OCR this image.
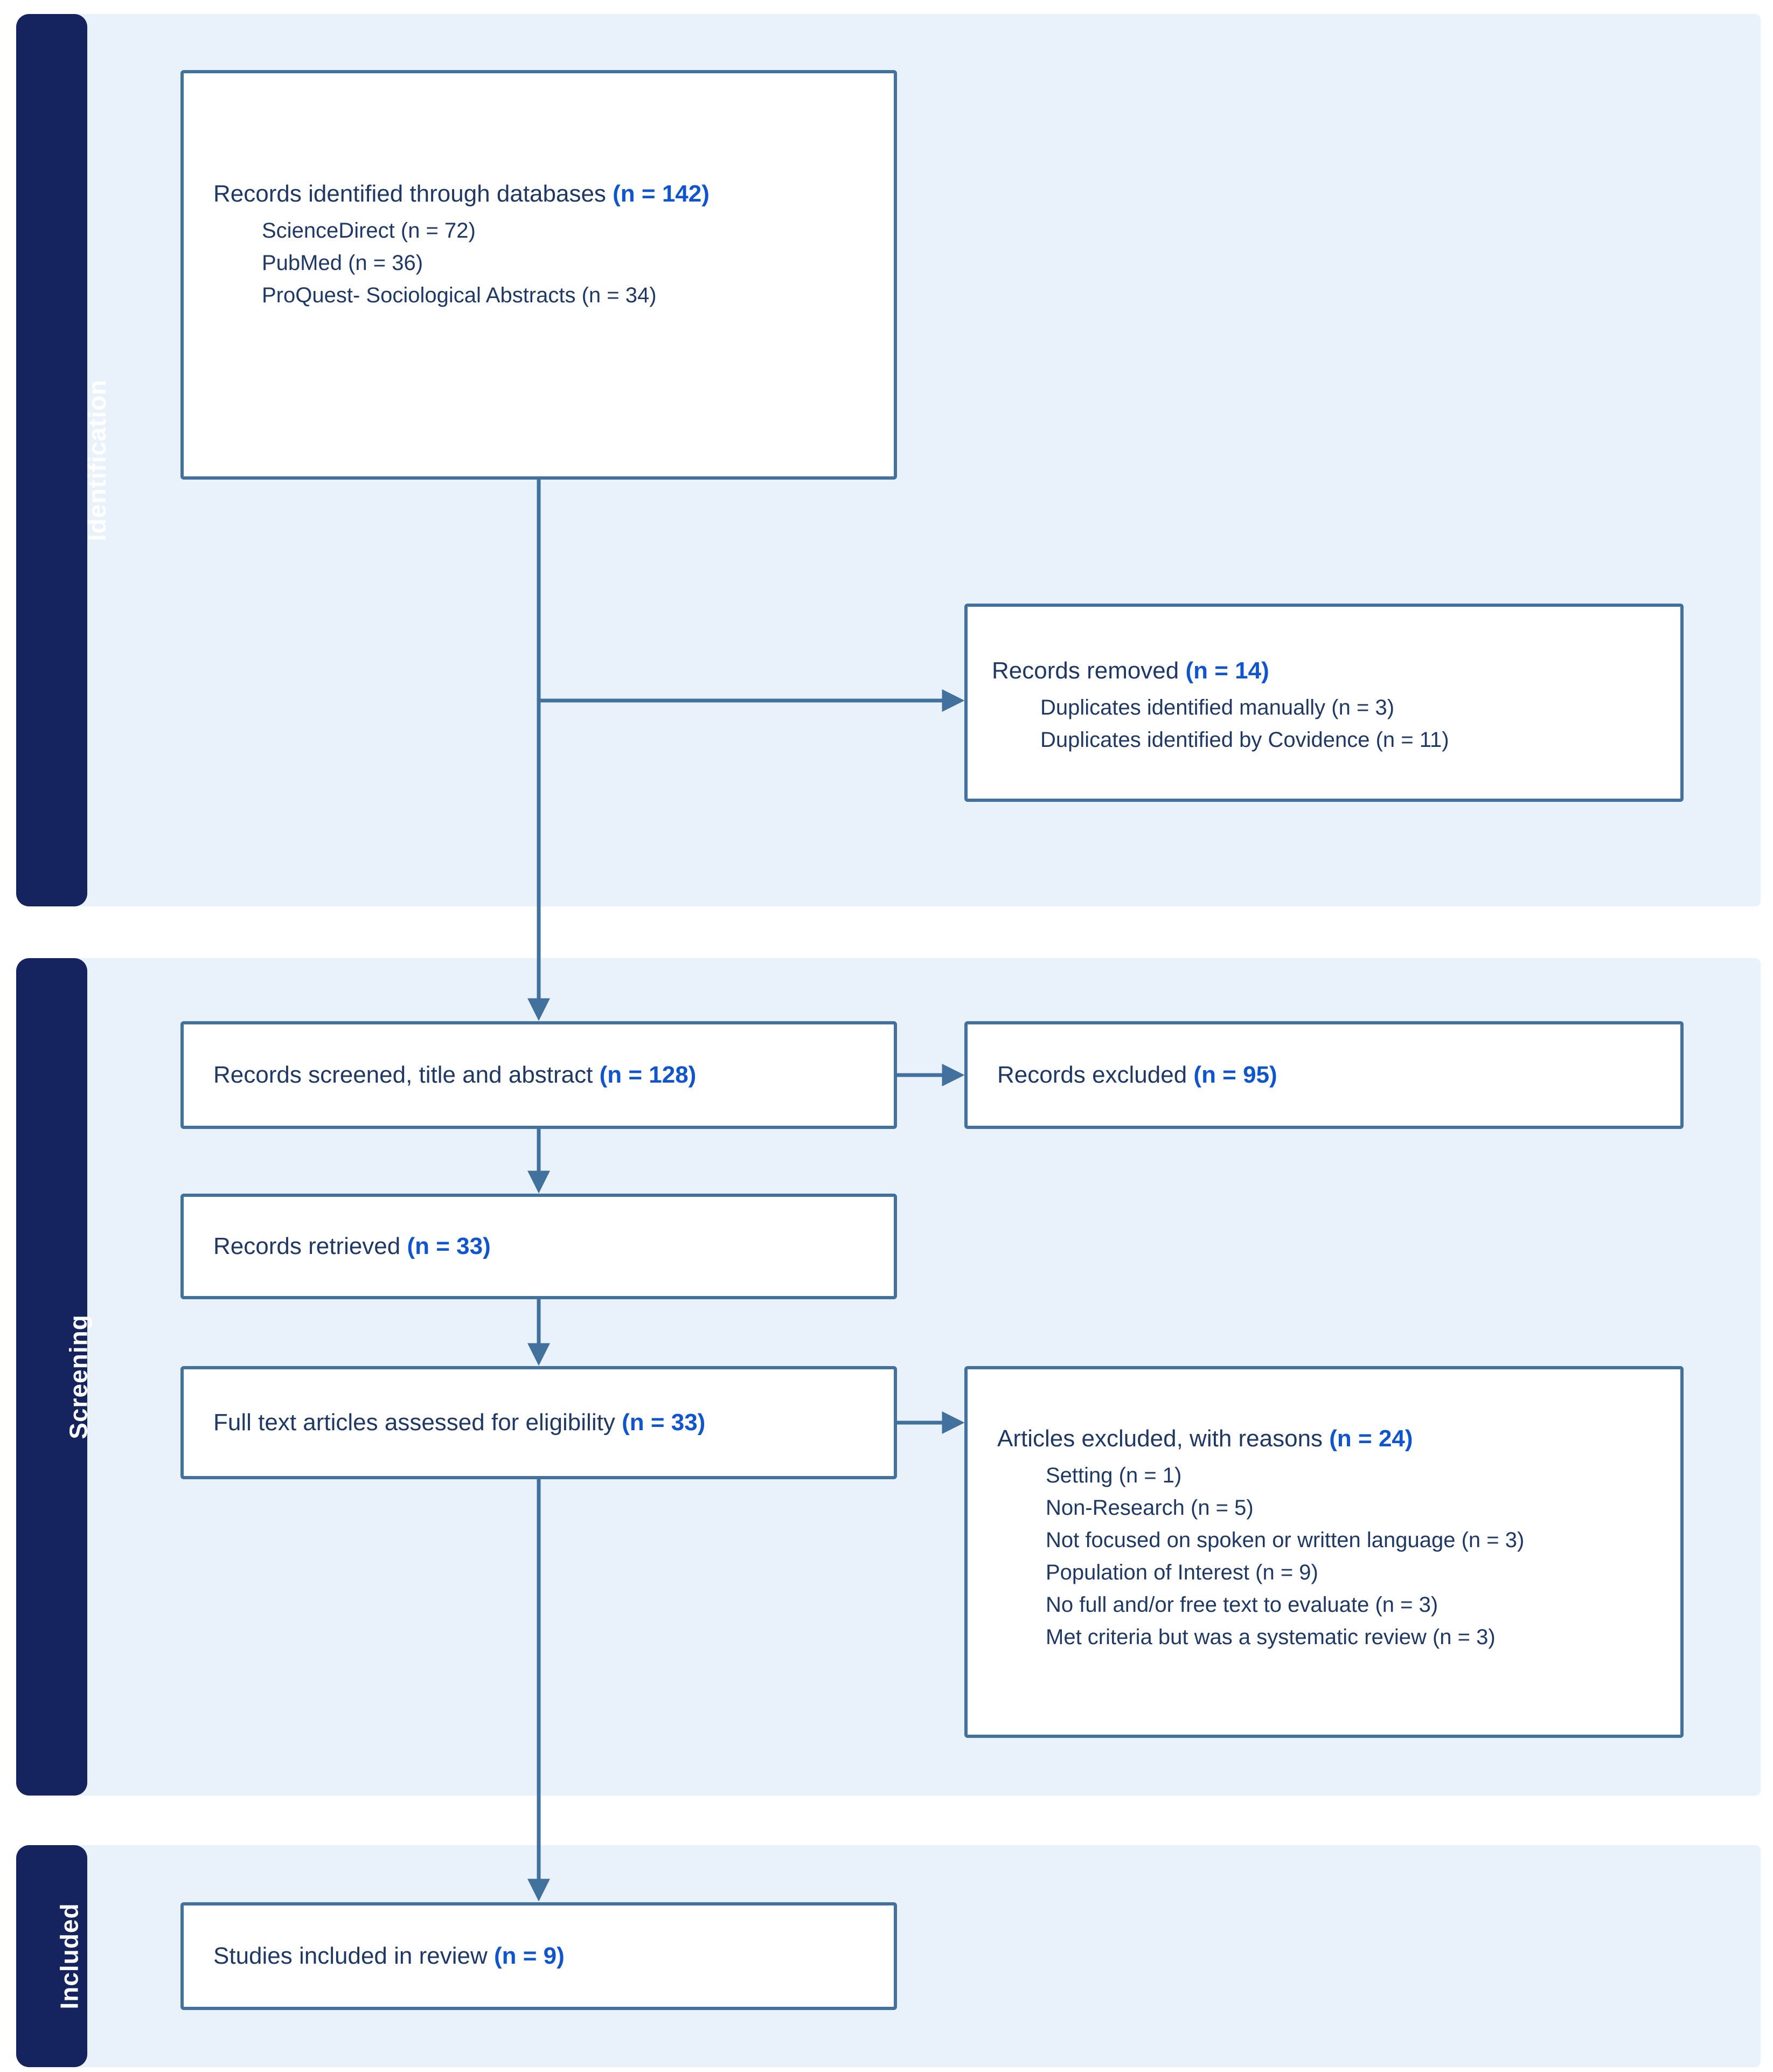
Identification
Screening
Included
Records identified through databases (n = 142)
ScienceDirect (n = 72)
PubMed (n = 36)
ProQuest- Sociological Abstracts (n = 34)
Records removed (n = 14)
Duplicates identified manually (n = 3)
Duplicates identified by Covidence (n = 11)
Records screened, title and abstract (n = 128)	Records excluded (n = 95)
Records retrieved (n = 33)
Full text articles assessed for eligibility (n = 33)
Articles excluded, with reasons (n = 24)
Setting (n = 1)
Non-Research (n = 5)
Not focused on spoken or written language (n = 3)
Population of Interest (n = 9)
No full and/or free text to evaluate (n = 3)
Met criteria but was a systematic review (n = 3)
Studies included in review (n = 9)
